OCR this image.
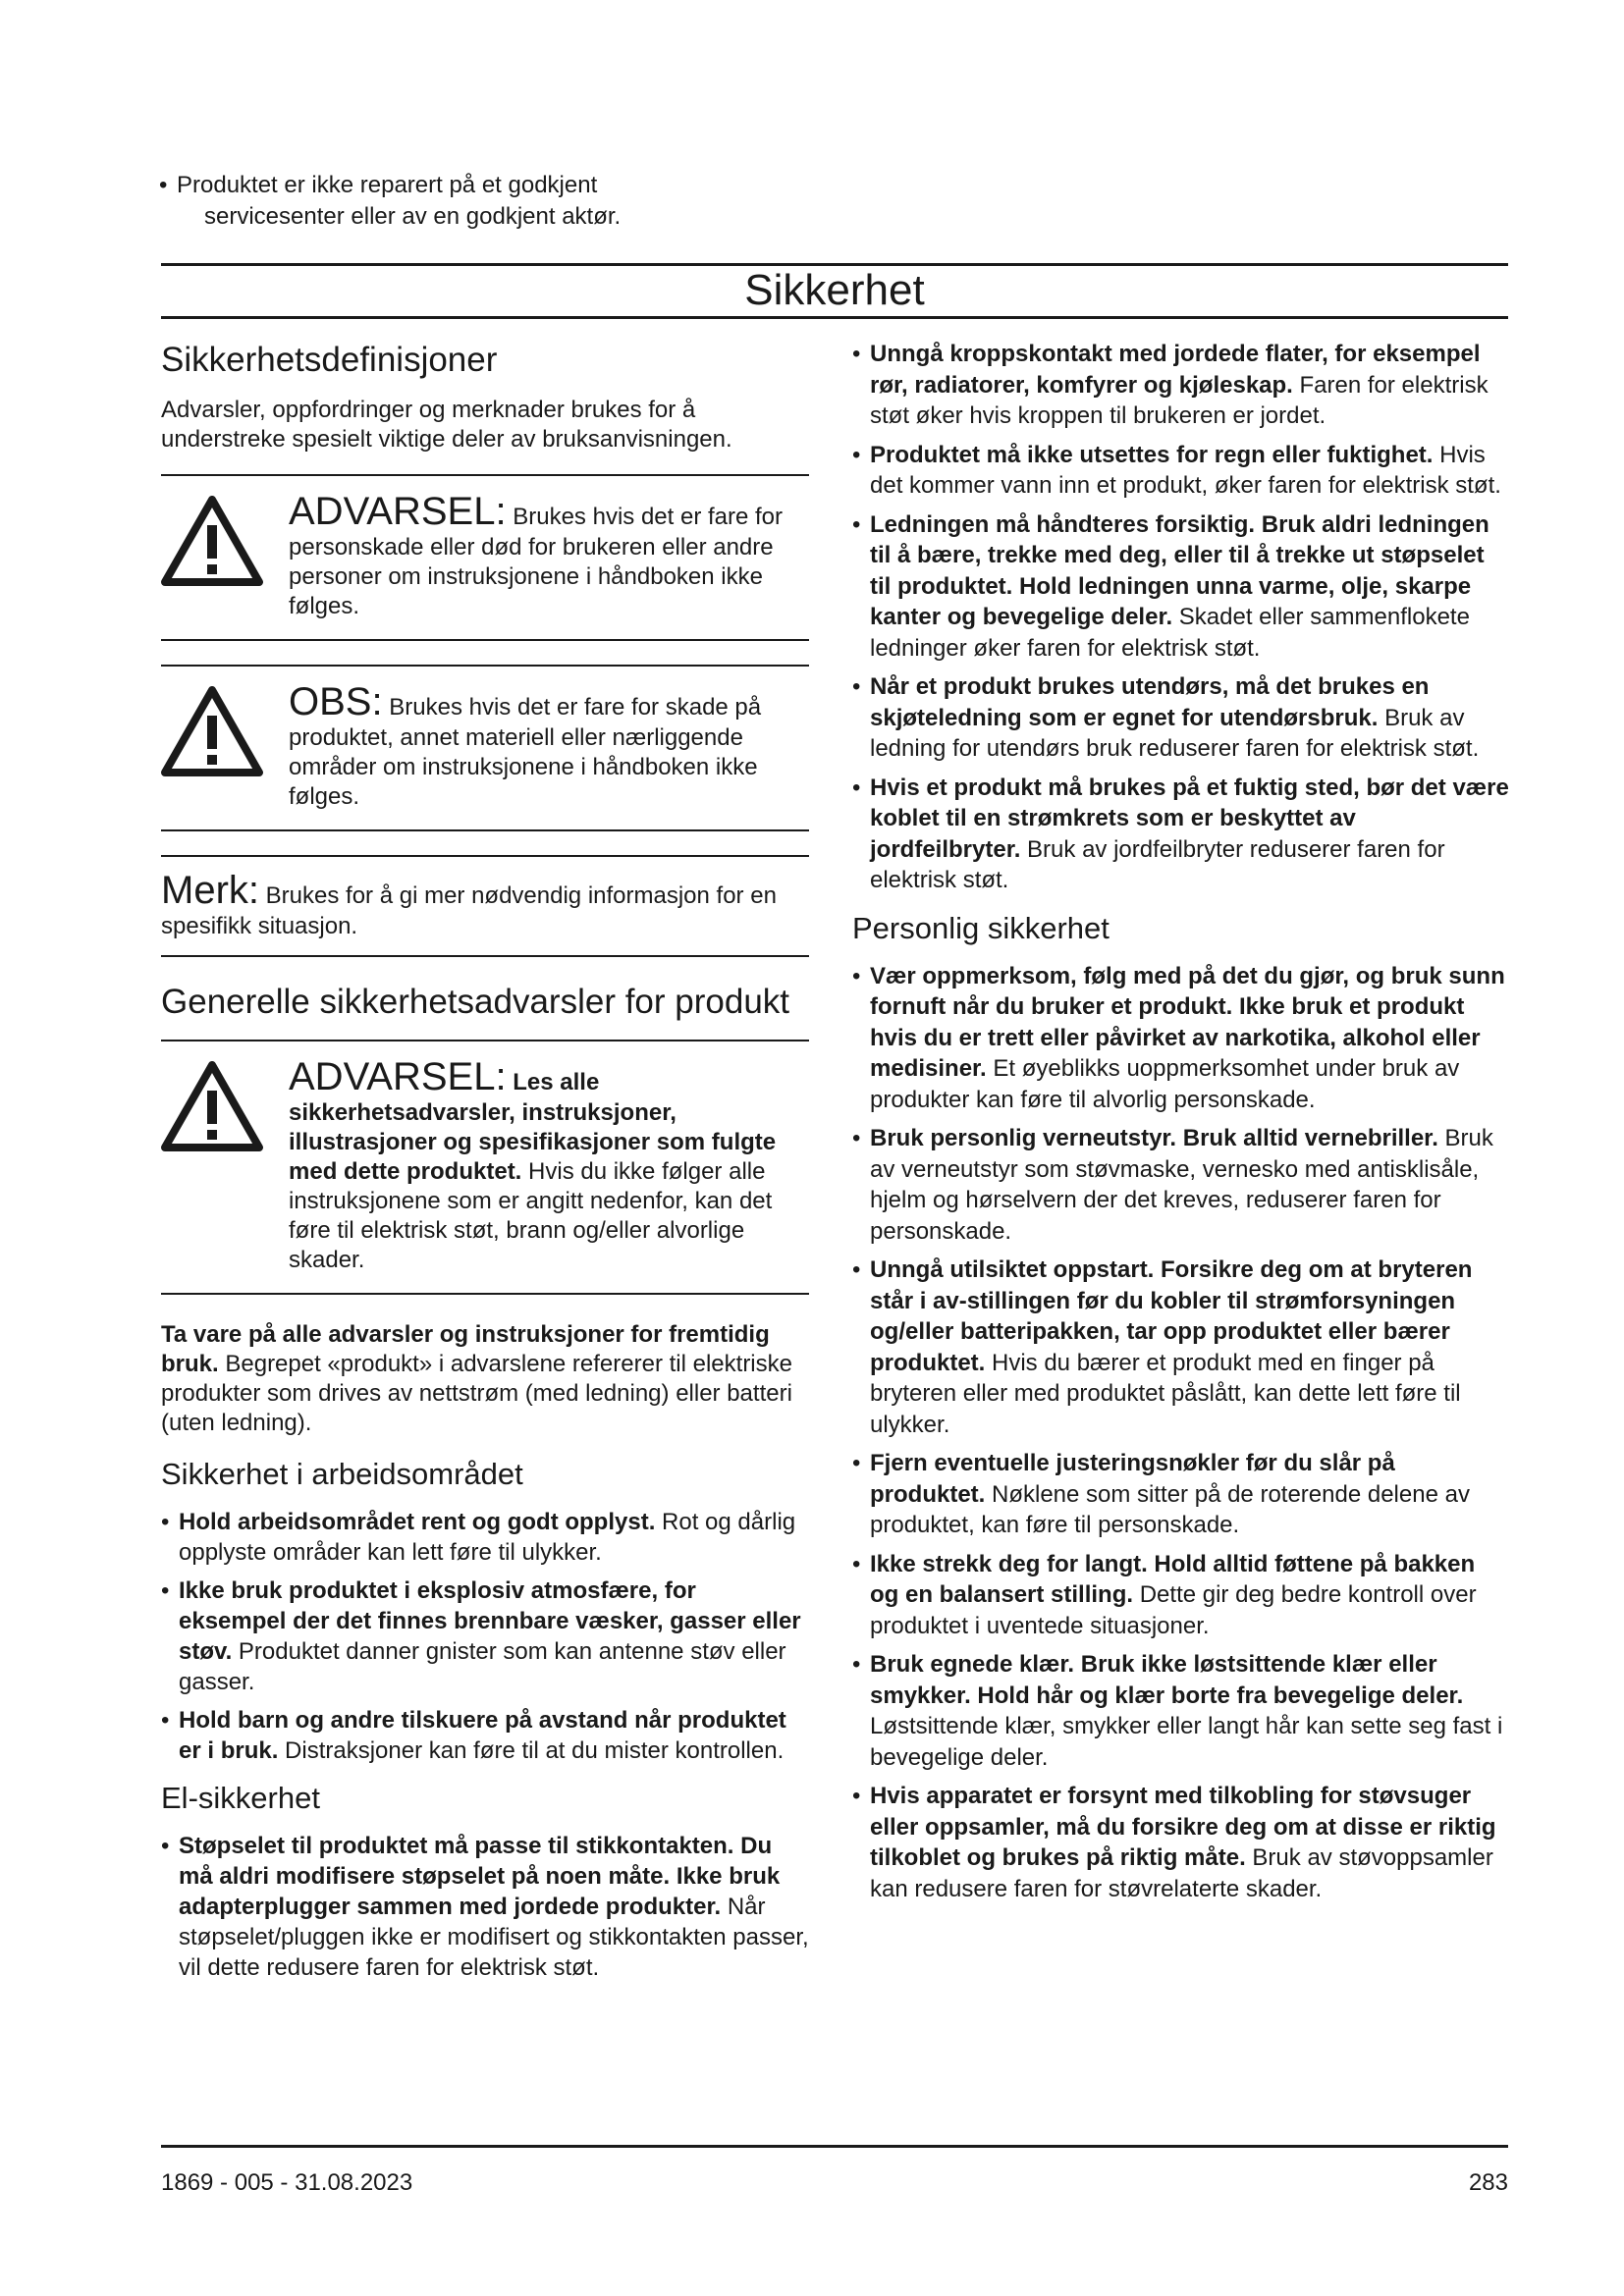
• Produktet er ikke reparert på et godkjent
servicesenter eller av en godkjent aktør.
Sikkerhet
Sikkerhetsdefinisjoner

Advarsler, oppfordringer og merknader brukes for å understreke spesielt viktige deler av bruksanvisningen.

ADVARSEL: Brukes hvis det er fare for personskade eller død for brukeren eller andre personer om instruksjonene i håndboken ikke følges.
OBS: Brukes hvis det er fare for skade på produktet, annet materiell eller nærliggende områder om instruksjonene i håndboken ikke følges.
Merk: Brukes for å gi mer nødvendig informasjon for en spesifikk situasjon.
Generelle sikkerhetsadvarsler for produkt
ADVARSEL: Les alle sikkerhetsadvarsler, instruksjoner, illustrasjoner og spesifikasjoner som fulgte med dette produktet. Hvis du ikke følger alle instruksjonene som er angitt nedenfor, kan det føre til elektrisk støt, brann og/eller alvorlige skader.

Ta vare på alle advarsler og instruksjoner for fremtidig bruk. Begrepet «produkt» i advarslene refererer til elektriske produkter som drives av nettstrøm (med ledning) eller batteri (uten ledning).

Sikkerhet i arbeidsområdet
• Hold arbeidsområdet rent og godt opplyst. Rot og dårlig opplyste områder kan lett føre til ulykker.
• Ikke bruk produktet i eksplosiv atmosfære, for eksempel der det finnes brennbare væsker, gasser eller støv. Produktet danner gnister som kan antenne støv eller gasser.
• Hold barn og andre tilskuere på avstand når produktet er i bruk. Distraksjoner kan føre til at du mister kontrollen.
El-sikkerhet
• Støpselet til produktet må passe til stikkontakten. Du må aldri modifisere støpselet på noen måte. Ikke bruk adapterplugger sammen med jordede produkter. Når støpselet/pluggen ikke er modifisert og stikkontakten passer, vil dette redusere faren for elektrisk støt.
• Unngå kroppskontakt med jordede flater, for eksempel rør, radiatorer, komfyrer og kjøleskap. Faren for elektrisk støt øker hvis kroppen til brukeren er jordet.
• Produktet må ikke utsettes for regn eller fuktighet. Hvis det kommer vann inn et produkt, øker faren for elektrisk støt.
• Ledningen må håndteres forsiktig. Bruk aldri ledningen til å bære, trekke med deg, eller til å trekke ut støpselet til produktet. Hold ledningen unna varme, olje, skarpe kanter og bevegelige deler. Skadet eller sammenflokete ledninger øker faren for elektrisk støt.
• Når et produkt brukes utendørs, må det brukes en skjøteledning som er egnet for utendørsbruk. Bruk av ledning for utendørs bruk reduserer faren for elektrisk støt.
• Hvis et produkt må brukes på et fuktig sted, bør det være koblet til en strømkrets som er beskyttet av jordfeilbryter. Bruk av jordfeilbryter reduserer faren for elektrisk støt.
Personlig sikkerhet
• Vær oppmerksom, følg med på det du gjør, og bruk sunn fornuft når du bruker et produkt. Ikke bruk et produkt hvis du er trett eller påvirket av narkotika, alkohol eller medisiner. Et øyeblikks uoppmerksomhet under bruk av produkter kan føre til alvorlig personskade.
• Bruk personlig verneutstyr. Bruk alltid vernebriller. Bruk av verneutstyr som støvmaske, vernesko med antisklisåle, hjelm og hørselvern der det kreves, reduserer faren for personskade.
• Unngå utilsiktet oppstart. Forsikre deg om at bryteren står i av-stillingen før du kobler til strømforsyningen og/eller batteripakken, tar opp produktet eller bærer produktet. Hvis du bærer et produkt med en finger på bryteren eller med produktet påslått, kan dette lett føre til ulykker.
• Fjern eventuelle justeringsnøkler før du slår på produktet. Nøklene som sitter på de roterende delene av produktet, kan føre til personskade.
• Ikke strekk deg for langt. Hold alltid føttene på bakken og en balansert stilling. Dette gir deg bedre kontroll over produktet i uventede situasjoner.
• Bruk egnede klær. Bruk ikke løstsittende klær eller smykker. Hold hår og klær borte fra bevegelige deler. Løstsittende klær, smykker eller langt hår kan sette seg fast i bevegelige deler.
• Hvis apparatet er forsynt med tilkobling for støvsuger eller oppsamler, må du forsikre deg om at disse er riktig tilkoblet og brukes på riktig måte. Bruk av støvoppsamler kan redusere faren for støvrelaterte skader.
1869 - 005 - 31.08.2023	283
